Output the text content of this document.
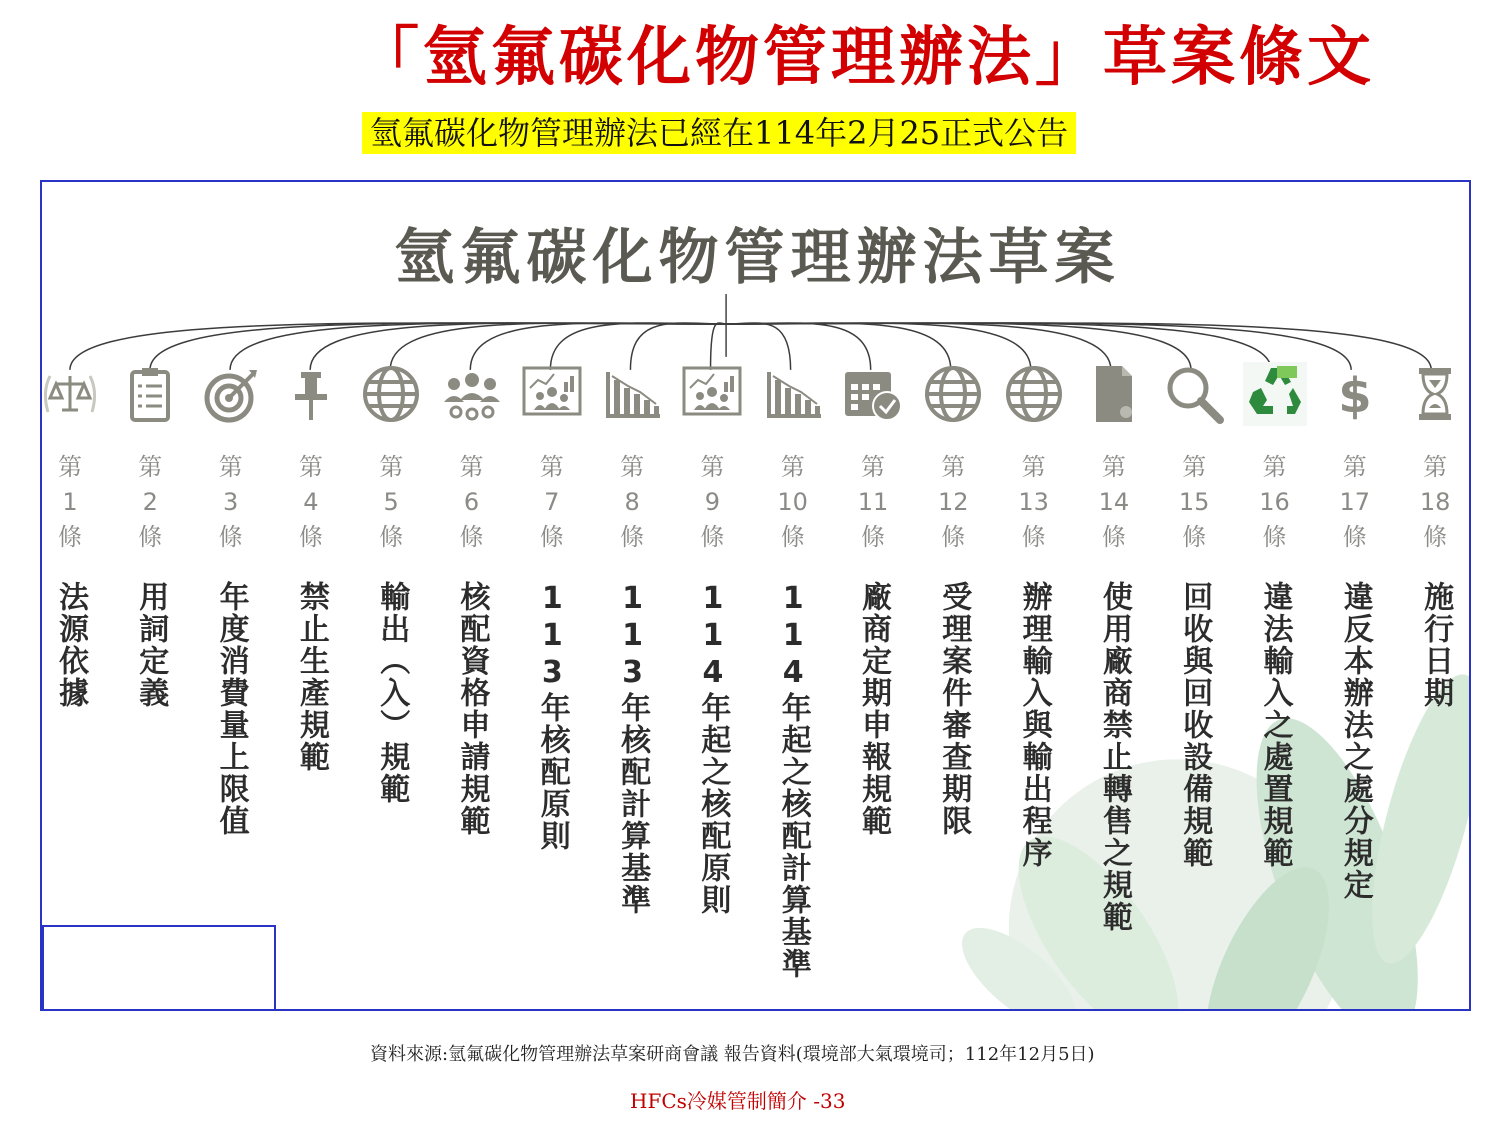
「氫氟碳化物管理辦法」草案條文
氫氟碳化物管理辦法已經在114年2月25正式公告
氫氟碳化物管理辦法草案
第
1
條
法源依據
第
2
條
用詞定義
第
3
條
年度消費量上限值
第
4
條
禁止生產規範
第
5
條
輸出（入）規範
第
6
條
核配資格申請規範
第
7
條
113年核配原則
第
8
條
113年核配計算基準
第
9
條
114年起之核配原則
第
10
條
114年起之核配計算基準
第
11
條
廠商定期申報規範
第
12
條
受理案件審查期限
第
13
條
辦理輸入與輸出程序
第
14
條
使用廠商禁止轉售之規範
第
15
條
回收與回收設備規範
第
16
條
違法輸入之處置規範
$
第
17
條
違反本辦法之處分規定
第
18
條
施行日期
資料來源:氫氟碳化物管理辦法草案研商會議 報告資料(環境部大氣環境司；112年12月5日)
HFCs冷媒管制簡介 -33
